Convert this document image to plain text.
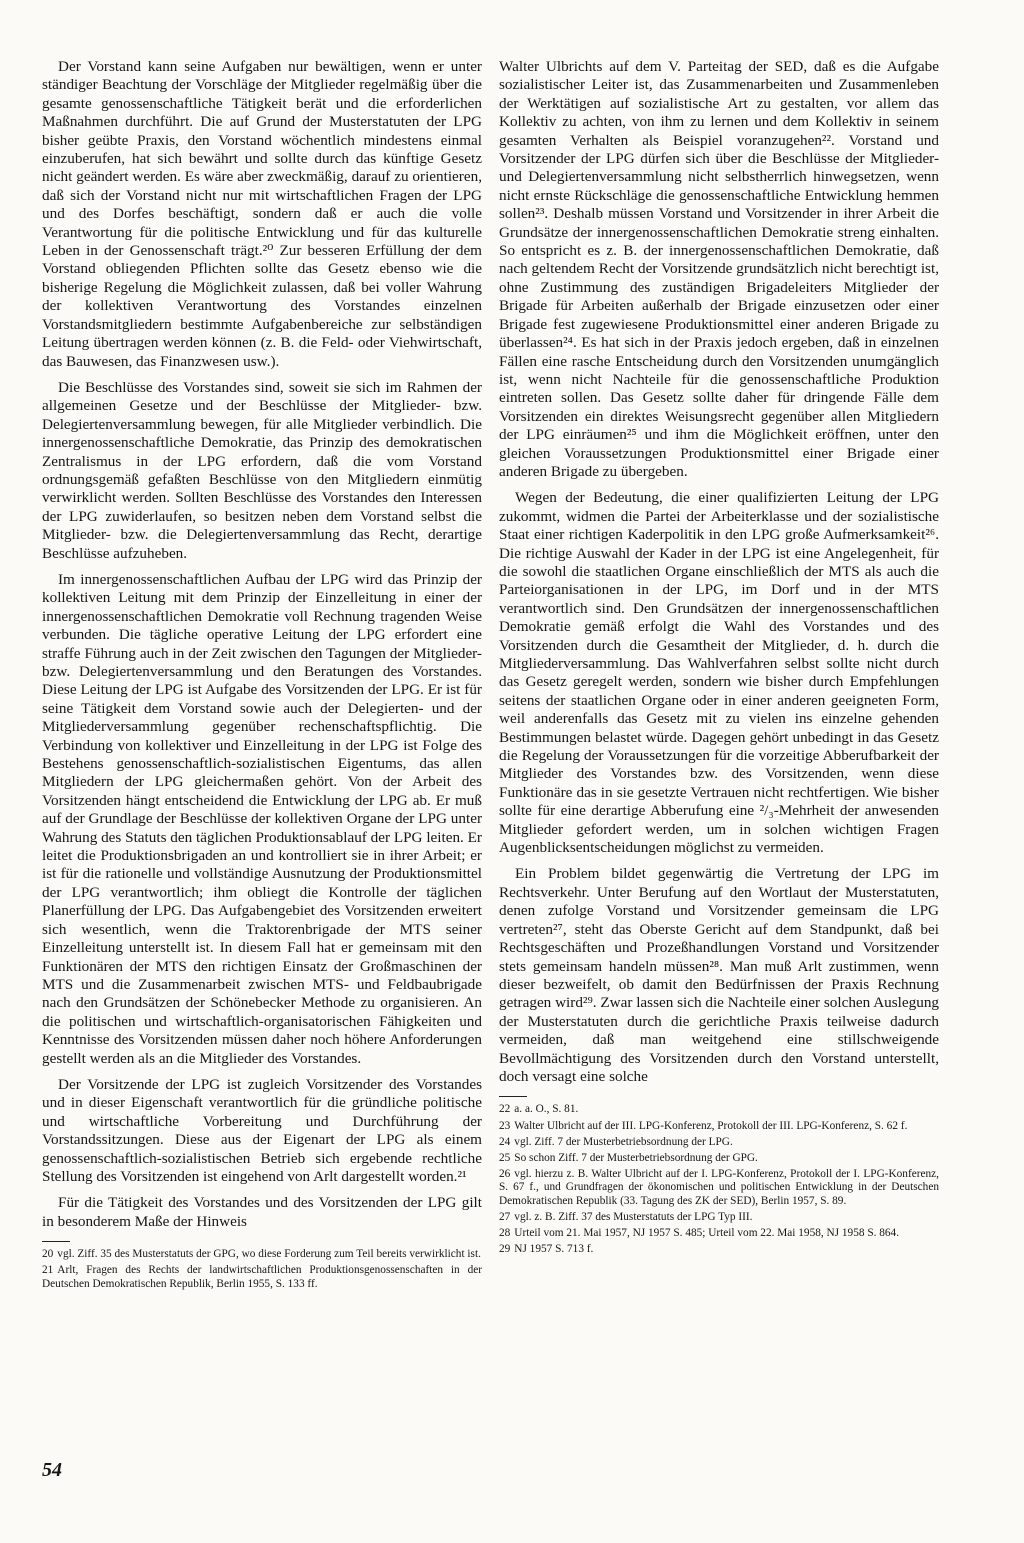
Der Vorstand kann seine Aufgaben nur bewältigen, wenn er unter ständiger Beachtung der Vorschläge der Mitglieder regelmäßig über die gesamte genossenschaftliche Tätigkeit berät und die erforderlichen Maßnahmen durchführt. Die auf Grund der Musterstatuten der LPG bisher geübte Praxis, den Vorstand wöchentlich mindestens einmal einzuberufen, hat sich bewährt und sollte durch das künftige Gesetz nicht geändert werden. Es wäre aber zweckmäßig, darauf zu orientieren, daß sich der Vorstand nicht nur mit wirtschaftlichen Fragen der LPG und des Dorfes beschäftigt, sondern daß er auch die volle Verantwortung für die politische Entwicklung und für das kulturelle Leben in der Genossenschaft trägt.²⁰ Zur besseren Erfüllung der dem Vorstand obliegenden Pflichten sollte das Gesetz ebenso wie die bisherige Regelung die Möglichkeit zulassen, daß bei voller Wahrung der kollektiven Verantwortung des Vorstandes einzelnen Vorstandsmitgliedern bestimmte Aufgabenbereiche zur selbständigen Leitung übertragen werden können (z. B. die Feld- oder Viehwirtschaft, das Bauwesen, das Finanzwesen usw.).

Die Beschlüsse des Vorstandes sind, soweit sie sich im Rahmen der allgemeinen Gesetze und der Beschlüsse der Mitglieder- bzw. Delegiertenversammlung bewegen, für alle Mitglieder verbindlich. Die innergenossenschaftliche Demokratie, das Prinzip des demokratischen Zentralismus in der LPG erfordern, daß die vom Vorstand ordnungsgemäß gefaßten Beschlüsse von den Mitgliedern einmütig verwirklicht werden. Sollten Beschlüsse des Vorstandes den Interessen der LPG zuwiderlaufen, so besitzen neben dem Vorstand selbst die Mitglieder- bzw. die Delegiertenversammlung das Recht, derartige Beschlüsse aufzuheben.

Im innergenossenschaftlichen Aufbau der LPG wird das Prinzip der kollektiven Leitung mit dem Prinzip der Einzelleitung in einer der innergenossenschaftlichen Demokratie voll Rechnung tragenden Weise verbunden. Die tägliche operative Leitung der LPG erfordert eine straffe Führung auch in der Zeit zwischen den Tagungen der Mitglieder- bzw. Delegiertenversammlung und den Beratungen des Vorstandes. Diese Leitung der LPG ist Aufgabe des Vorsitzenden der LPG. Er ist für seine Tätigkeit dem Vorstand sowie auch der Delegierten- und der Mitgliederversammlung gegenüber rechenschaftspflichtig. Die Verbindung von kollektiver und Einzelleitung in der LPG ist Folge des Bestehens genossenschaftlich-sozialistischen Eigentums, das allen Mitgliedern der LPG gleichermaßen gehört. Von der Arbeit des Vorsitzenden hängt entscheidend die Entwicklung der LPG ab. Er muß auf der Grundlage der Beschlüsse der kollektiven Organe der LPG unter Wahrung des Statuts den täglichen Produktionsablauf der LPG leiten. Er leitet die Produktionsbrigaden an und kontrolliert sie in ihrer Arbeit; er ist für die rationelle und vollständige Ausnutzung der Produktionsmittel der LPG verantwortlich; ihm obliegt die Kontrolle der täglichen Planerfüllung der LPG. Das Aufgabengebiet des Vorsitzenden erweitert sich wesentlich, wenn die Traktorenbrigade der MTS seiner Einzelleitung unterstellt ist. In diesem Fall hat er gemeinsam mit den Funktionären der MTS den richtigen Einsatz der Großmaschinen der MTS und die Zusammenarbeit zwischen MTS- und Feldbaubrigade nach den Grundsätzen der Schönebecker Methode zu organisieren. An die politischen und wirtschaftlich-organisatorischen Fähigkeiten und Kenntnisse des Vorsitzenden müssen daher noch höhere Anforderungen gestellt werden als an die Mitglieder des Vorstandes.

Der Vorsitzende der LPG ist zugleich Vorsitzender des Vorstandes und in dieser Eigenschaft verantwortlich für die gründliche politische und wirtschaftliche Vorbereitung und Durchführung der Vorstandssitzungen. Diese aus der Eigenart der LPG als einem genossenschaftlich-sozialistischen Betrieb sich ergebende rechtliche Stellung des Vorsitzenden ist eingehend von Arlt dargestellt worden.²¹

Für die Tätigkeit des Vorstandes und des Vorsitzenden der LPG gilt in besonderem Maße der Hinweis

20 vgl. Ziff. 35 des Musterstatuts der GPG, wo diese Forderung zum Teil bereits verwirklicht ist.

21 Arlt, Fragen des Rechts der landwirtschaftlichen Produktionsgenossenschaften in der Deutschen Demokratischen Republik, Berlin 1955, S. 133 ff.

Walter Ulbrichts auf dem V. Parteitag der SED, daß es die Aufgabe sozialistischer Leiter ist, das Zusammenarbeiten und Zusammenleben der Werktätigen auf sozialistische Art zu gestalten, vor allem das Kollektiv zu achten, von ihm zu lernen und dem Kollektiv in seinem gesamten Verhalten als Beispiel voranzugehen²². Vorstand und Vorsitzender der LPG dürfen sich über die Beschlüsse der Mitglieder- und Delegiertenversammlung nicht selbstherrlich hinwegsetzen, wenn nicht ernste Rückschläge die genossenschaftliche Entwicklung hemmen sollen²³. Deshalb müssen Vorstand und Vorsitzender in ihrer Arbeit die Grundsätze der innergenossenschaftlichen Demokratie streng einhalten. So entspricht es z. B. der innergenossenschaftlichen Demokratie, daß nach geltendem Recht der Vorsitzende grundsätzlich nicht berechtigt ist, ohne Zustimmung des zuständigen Brigadeleiters Mitglieder der Brigade für Arbeiten außerhalb der Brigade einzusetzen oder einer Brigade fest zugewiesene Produktionsmittel einer anderen Brigade zu überlassen²⁴. Es hat sich in der Praxis jedoch ergeben, daß in einzelnen Fällen eine rasche Entscheidung durch den Vorsitzenden unumgänglich ist, wenn nicht Nachteile für die genossenschaftliche Produktion eintreten sollen. Das Gesetz sollte daher für dringende Fälle dem Vorsitzenden ein direktes Weisungsrecht gegenüber allen Mitgliedern der LPG einräumen²⁵ und ihm die Möglichkeit eröffnen, unter den gleichen Voraussetzungen Produktionsmittel einer Brigade einer anderen Brigade zu übergeben.

Wegen der Bedeutung, die einer qualifizierten Leitung der LPG zukommt, widmen die Partei der Arbeiterklasse und der sozialistische Staat einer richtigen Kaderpolitik in den LPG große Aufmerksamkeit²⁶. Die richtige Auswahl der Kader in der LPG ist eine Angelegenheit, für die sowohl die staatlichen Organe einschließlich der MTS als auch die Parteiorganisationen in der LPG, im Dorf und in der MTS verantwortlich sind. Den Grundsätzen der innergenossenschaftlichen Demokratie gemäß erfolgt die Wahl des Vorstandes und des Vorsitzenden durch die Gesamtheit der Mitglieder, d. h. durch die Mitgliederversammlung. Das Wahlverfahren selbst sollte nicht durch das Gesetz geregelt werden, sondern wie bisher durch Empfehlungen seitens der staatlichen Organe oder in einer anderen geeigneten Form, weil anderenfalls das Gesetz mit zu vielen ins einzelne gehenden Bestimmungen belastet würde. Dagegen gehört unbedingt in das Gesetz die Regelung der Voraussetzungen für die vorzeitige Abberufbarkeit der Mitglieder des Vorstandes bzw. des Vorsitzenden, wenn diese Funktionäre das in sie gesetzte Vertrauen nicht rechtfertigen. Wie bisher sollte für eine derartige Abberufung eine ²/₃-Mehrheit der anwesenden Mitglieder gefordert werden, um in solchen wichtigen Fragen Augenblicksentscheidungen möglichst zu vermeiden.

Ein Problem bildet gegenwärtig die Vertretung der LPG im Rechtsverkehr. Unter Berufung auf den Wortlaut der Musterstatuten, denen zufolge Vorstand und Vorsitzender gemeinsam die LPG vertreten²⁷, steht das Oberste Gericht auf dem Standpunkt, daß bei Rechtsgeschäften und Prozeßhandlungen Vorstand und Vorsitzender stets gemeinsam handeln müssen²⁸. Man muß Arlt zustimmen, wenn dieser bezweifelt, ob damit den Bedürfnissen der Praxis Rechnung getragen wird²⁹. Zwar lassen sich die Nachteile einer solchen Auslegung der Musterstatuten durch die gerichtliche Praxis teilweise dadurch vermeiden, daß man weitgehend eine stillschweigende Bevollmächtigung des Vorsitzenden durch den Vorstand unterstellt, doch versagt eine solche

22 a. a. O., S. 81.

23 Walter Ulbricht auf der III. LPG-Konferenz, Protokoll der III. LPG-Konferenz, S. 62 f.

24 vgl. Ziff. 7 der Musterbetriebsordnung der LPG.

25 So schon Ziff. 7 der Musterbetriebsordnung der GPG.

26 vgl. hierzu z. B. Walter Ulbricht auf der I. LPG-Konferenz, Protokoll der I. LPG-Konferenz, S. 67 f., und Grundfragen der ökonomischen und politischen Entwicklung in der Deutschen Demokratischen Republik (33. Tagung des ZK der SED), Berlin 1957, S. 89.

27 vgl. z. B. Ziff. 37 des Musterstatuts der LPG Typ III.

28 Urteil vom 21. Mai 1957, NJ 1957 S. 485; Urteil vom 22. Mai 1958, NJ 1958 S. 864.

29 NJ 1957 S. 713 f.

54
